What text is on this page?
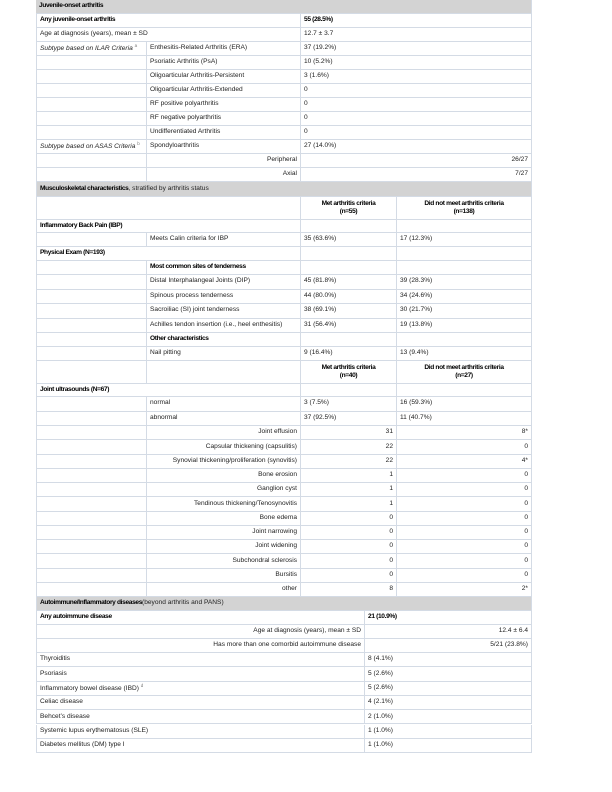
Juvenile-onset arthritis
Any juvenile-onset arthritis	55 (28.5%)
Age at diagnosis (years), mean ± SD	12.7 ± 3.7
Subtype based on ILAR Criteria $^a$	Enthesitis-Related Arthritis (ERA)	37 (19.2%)
Psoriatic Arthritis (PsA)	10 (5.2%)
Oligoarticular Arthritis-Persistent	3 (1.6%)
Oligoarticular Arthritis-Extended	0
RF positive polyarthritis	0
RF negative polyarthritis	0
Undifferentiated Arthritis	0
Subtype based on ASAS Criteria $^b$	Spondyloarthritis	27 (14.0%)
Peripheral	26/27
Axial	7/27
Musculoskeletal characteristics , stratified by arthritis status
Met arthritis criteria
(n=55)
Did not meet arthritis criteria
(n=138)
Inflammatory Back Pain (IBP)
Meets Calin criteria for IBP	35 (63.6%)	17 (12.3%)
Physical Exam (N=193)
Most common sites of tenderness
Distal Interphalangeal Joints (DIP)	45 (81.8%)	39 (28.3%)
Spinous process tenderness	44 (80.0%)	34 (24.6%)
Sacroiliac (SI) joint tenderness	38 (69.1%)	30 (21.7%)
Achilles tendon insertion (i.e., heel enthesitis)	31 (56.4%)	19 (13.8%)
Other characteristics
Nail pitting	9 (16.4%)	13 (9.4%)
Met arthritis criteria
(n=40)
Did not meet arthritis criteria
(n=27)
Joint ultrasounds (N=67)
normal	3 (7.5%)	16 (59.3%)
abnormal	37 (92.5%)	11 (40.7%)
Joint effusion	31	8*
Capsular thickening (capsulitis)	22	0
Synovial thickening/proliferation (synovitis)	22	4*
Bone erosion	1	0
Ganglion cyst	1	0
Tendinous thickening/Tenosynovitis	1	0
Bone edema	0	0
Joint narrowing	0	0
Joint widening	0	0
Subchondral sclerosis	0	0
Bursitis	0	0
other	8	2*
Autoimmune/Inflammatory diseases (beyond arthritis and PANS)
Any autoimmune disease	21 (10.9%)
Age at diagnosis (years), mean ± SD	12.4 ± 6.4
Has more than one comorbid autoimmune disease	5/21 (23.8%)
Thyroiditis	8 (4.1%)
Psoriasis	5 (2.6%)
Inflammatory bowel disease (IBD) $^d$	5 (2.6%)
Celiac disease	4 (2.1%)
Behcet’s disease	2 (1.0%)
Systemic lupus erythematosus (SLE)	1 (1.0%)
Diabetes mellitus (DM) type I	1 (1.0%)
